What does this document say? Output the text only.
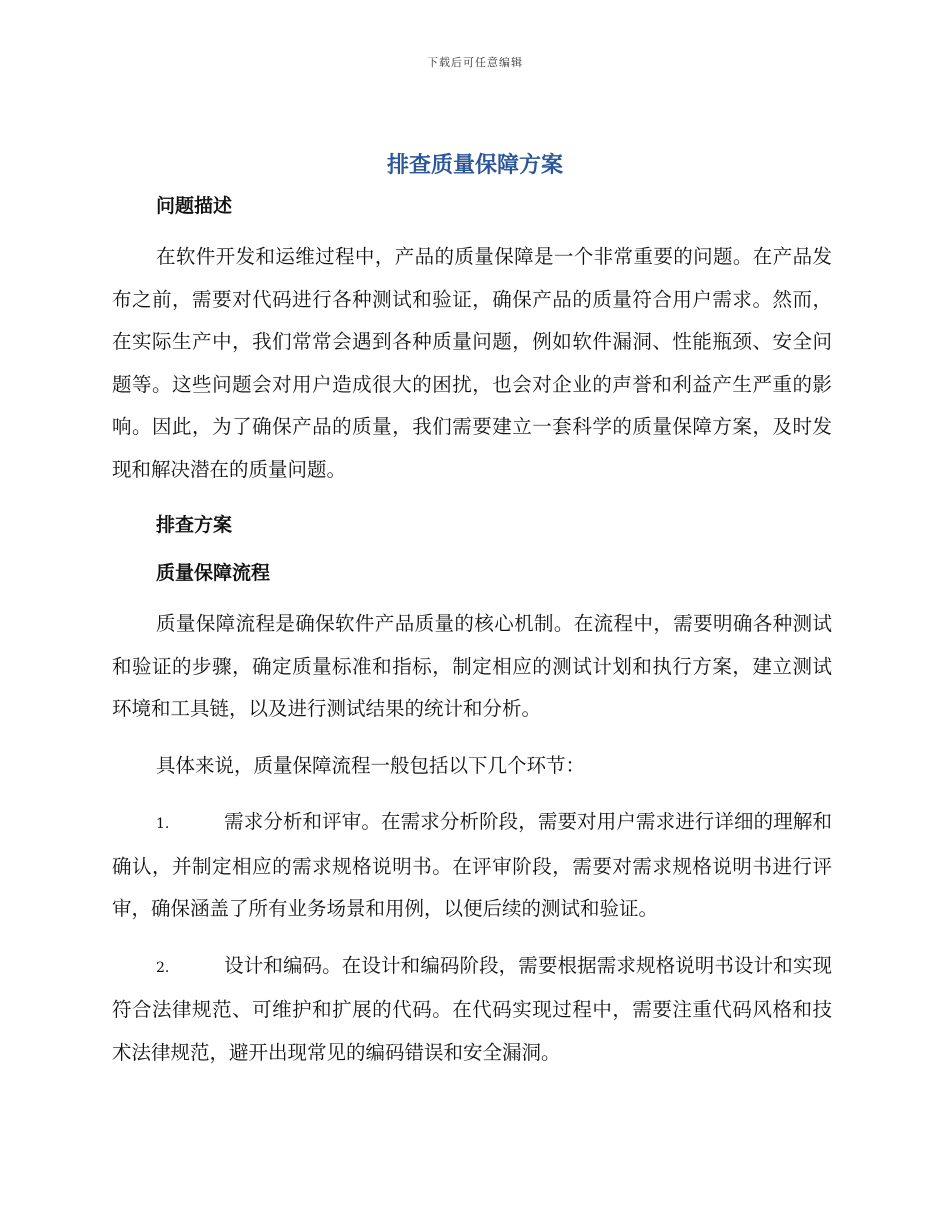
下载后可任意编辑
排查质量保障方案

问题描述

在软件开发和运维过程中，产品的质量保障是一个非常重要的问题。在产品发布之前，需要对代码进行各种测试和验证，确保产品的质量符合用户需求。然而，在实际生产中，我们常常会遇到各种质量问题，例如软件漏洞、性能瓶颈、安全问题等。这些问题会对用户造成很大的困扰，也会对企业的声誉和利益产生严重的影响。因此，为了确保产品的质量，我们需要建立一套科学的质量保障方案，及时发现和解决潜在的质量问题。

排查方案

质量保障流程

质量保障流程是确保软件产品质量的核心机制。在流程中，需要明确各种测试和验证的步骤，确定质量标准和指标，制定相应的测试计划和执行方案，建立测试环境和工具链，以及进行测试结果的统计和分析。

具体来说，质量保障流程一般包括以下几个环节：

1.	需求分析和评审。在需求分析阶段，需要对用户需求进行详细的理解和确认，并制定相应的需求规格说明书。在评审阶段，需要对需求规格说明书进行评审，确保涵盖了所有业务场景和用例，以便后续的测试和验证。

2.	设计和编码。在设计和编码阶段，需要根据需求规格说明书设计和实现符合法律规范、可维护和扩展的代码。在代码实现过程中，需要注重代码风格和技术法律规范，避开出现常见的编码错误和安全漏洞。
